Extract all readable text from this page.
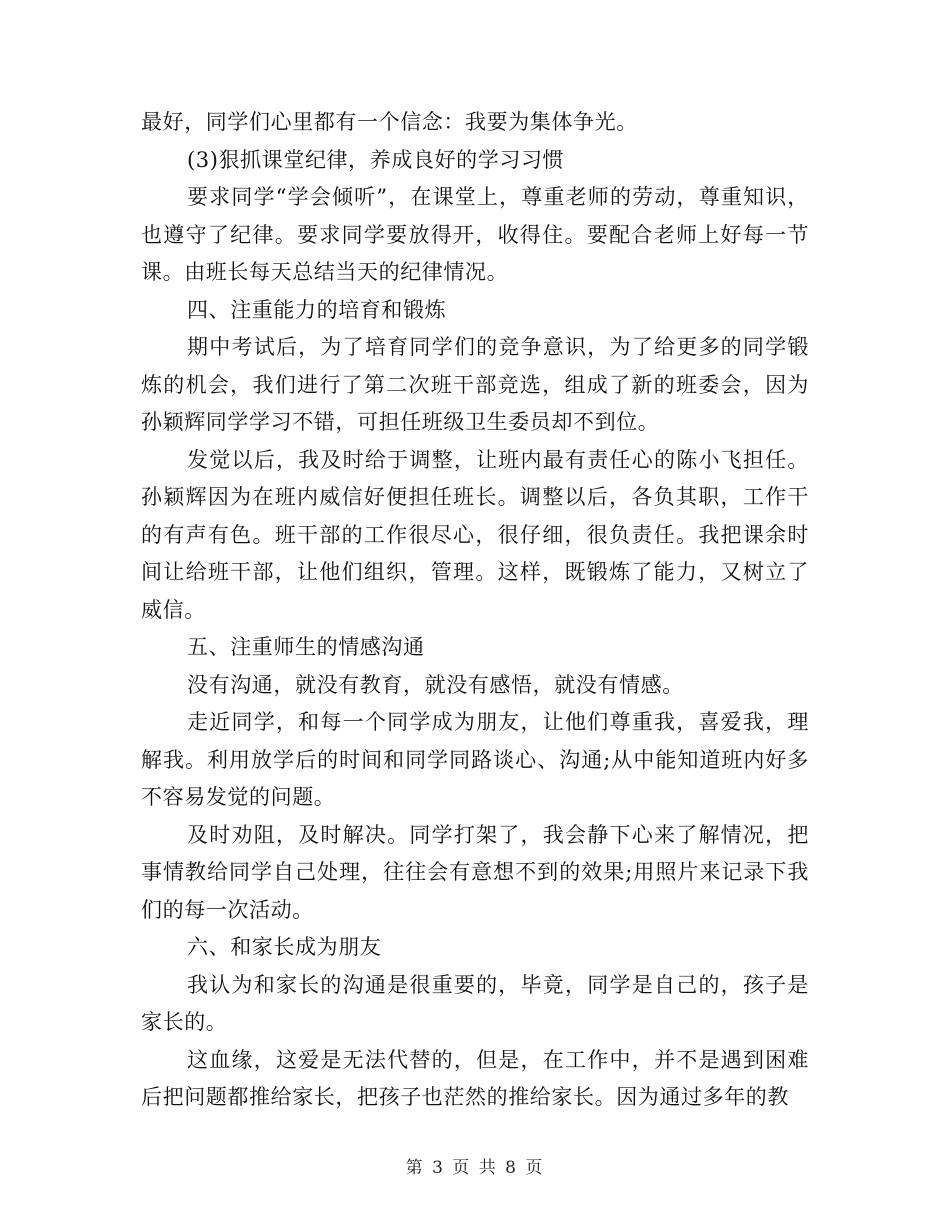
最好，同学们心里都有一个信念：我要为集体争光。

(3)狠抓课堂纪律，养成良好的学习习惯

要求同学“学会倾听”，在课堂上，尊重老师的劳动，尊重知识，也遵守了纪律。要求同学要放得开，收得住。要配合老师上好每一节课。由班长每天总结当天的纪律情况。

四、注重能力的培育和锻炼

期中考试后，为了培育同学们的竞争意识，为了给更多的同学锻炼的机会，我们进行了第二次班干部竞选，组成了新的班委会，因为孙颖辉同学学习不错，可担任班级卫生委员却不到位。

发觉以后，我及时给于调整，让班内最有责任心的陈小飞担任。孙颖辉因为在班内威信好便担任班长。调整以后，各负其职，工作干的有声有色。班干部的工作很尽心，很仔细，很负责任。我把课余时间让给班干部，让他们组织，管理。这样，既锻炼了能力，又树立了威信。

五、注重师生的情感沟通

没有沟通，就没有教育，就没有感悟，就没有情感。

走近同学，和每一个同学成为朋友，让他们尊重我，喜爱我，理解我。利用放学后的时间和同学同路谈心、沟通;从中能知道班内好多不容易发觉的问题。

及时劝阻，及时解决。同学打架了，我会静下心来了解情况，把事情教给同学自己处理，往往会有意想不到的效果;用照片来记录下我们的每一次活动。

六、和家长成为朋友

我认为和家长的沟通是很重要的，毕竟，同学是自己的，孩子是家长的。

这血缘，这爱是无法代替的，但是，在工作中，并不是遇到困难后把问题都推给家长，把孩子也茫然的推给家长。因为通过多年的教

第 3 页 共 8 页
